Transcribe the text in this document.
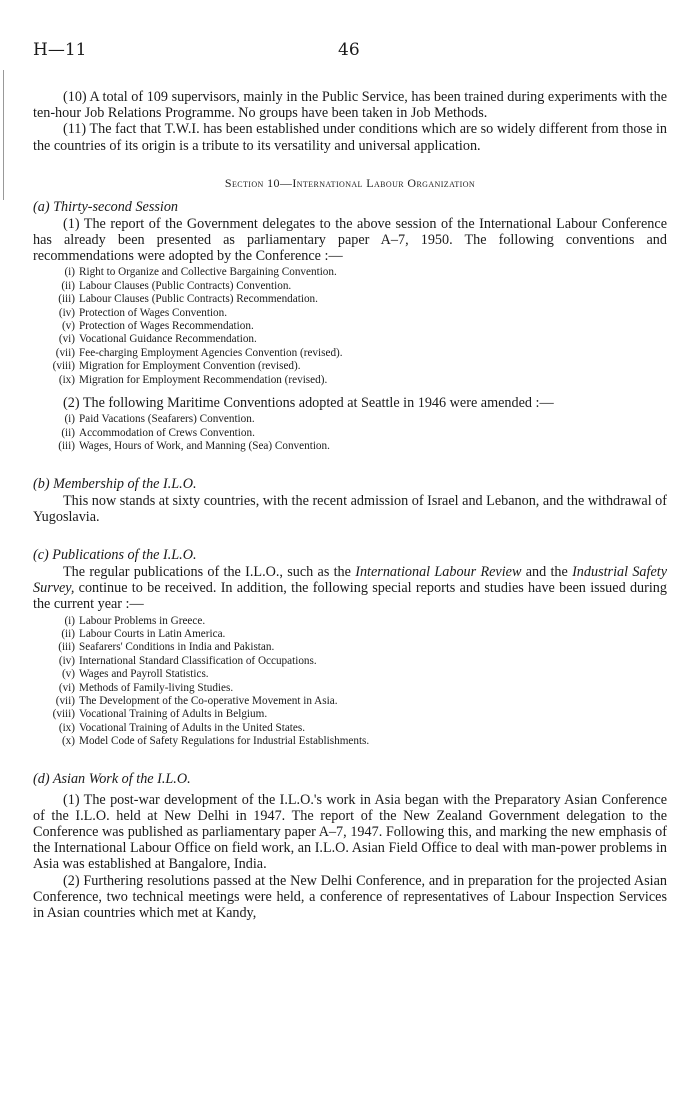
H—11	46

(10) A total of 109 supervisors, mainly in the Public Service, has been trained during experiments with the ten-hour Job Relations Programme. No groups have been taken in Job Methods.

(11) The fact that T.W.I. has been established under conditions which are so widely different from those in the countries of its origin is a tribute to its versatility and universal application.

Section 10—International Labour Organization

(a) Thirty-second Session

(1) The report of the Government delegates to the above session of the International Labour Conference has already been presented as parliamentary paper A–7, 1950. The following conventions and recommendations were adopted by the Conference :—

(i) Right to Organize and Collective Bargaining Convention.
(ii) Labour Clauses (Public Contracts) Convention.
(iii) Labour Clauses (Public Contracts) Recommendation.
(iv) Protection of Wages Convention.
(v) Protection of Wages Recommendation.
(vi) Vocational Guidance Recommendation.
(vii) Fee-charging Employment Agencies Convention (revised).
(viii) Migration for Employment Convention (revised).
(ix) Migration for Employment Recommendation (revised).

(2) The following Maritime Conventions adopted at Seattle in 1946 were amended :—

(i) Paid Vacations (Seafarers) Convention.
(ii) Accommodation of Crews Convention.
(iii) Wages, Hours of Work, and Manning (Sea) Convention.

(b) Membership of the I.L.O.

This now stands at sixty countries, with the recent admission of Israel and Lebanon, and the withdrawal of Yugoslavia.

(c) Publications of the I.L.O.

The regular publications of the I.L.O., such as the International Labour Review and the Industrial Safety Survey, continue to be received. In addition, the following special reports and studies have been issued during the current year :—

(i) Labour Problems in Greece.
(ii) Labour Courts in Latin America.
(iii) Seafarers' Conditions in India and Pakistan.
(iv) International Standard Classification of Occupations.
(v) Wages and Payroll Statistics.
(vi) Methods of Family-living Studies.
(vii) The Development of the Co-operative Movement in Asia.
(viii) Vocational Training of Adults in Belgium.
(ix) Vocational Training of Adults in the United States.
(x) Model Code of Safety Regulations for Industrial Establishments.

(d) Asian Work of the I.L.O.

(1) The post-war development of the I.L.O.'s work in Asia began with the Preparatory Asian Conference of the I.L.O. held at New Delhi in 1947. The report of the New Zealand Government delegation to the Conference was published as parliamentary paper A–7, 1947. Following this, and marking the new emphasis of the International Labour Office on field work, an I.L.O. Asian Field Office to deal with man-power problems in Asia was established at Bangalore, India.

(2) Furthering resolutions passed at the New Delhi Conference, and in preparation for the projected Asian Conference, two technical meetings were held, a conference of representatives of Labour Inspection Services in Asian countries which met at Kandy,
